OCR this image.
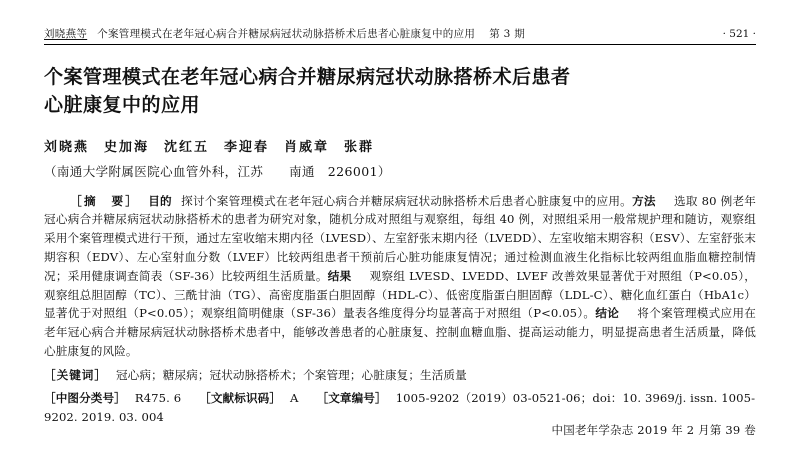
刘晓燕等 个案管理模式在老年冠心病合并糖尿病冠状动脉搭桥术后患者心脏康复中的应用 第 3 期	· 521 ·
个案管理模式在老年冠心病合并糖尿病冠状动脉搭桥术后患者
心脏康复中的应用
刘晓燕　史加海　沈红五　李迎春　肖威章　张群
（南通大学附属医院心血管外科，江苏　　南通　226001）
［摘　要］ 目的 探讨个案管理模式在老年冠心病合并糖尿病冠状动脉搭桥术后患者心脏康复中的应用。方法 选取 80 例老年冠心病合并糖尿病冠状动脉搭桥术的患者为研究对象，随机分成对照组与观察组，每组 40 例，对照组采用一般常规护理和随访，观察组采用个案管理模式进行干预，通过左室收缩末期内径（LVESD）、左室舒张末期内径（LVEDD）、左室收缩末期容积（ESV）、左室舒张末期容积（EDV）、左心室射血分数（LVEF）比较两组患者干预前后心脏功能康复情况；通过检测血液生化指标比较两组血脂血糖控制情况；采用健康调查简表（SF-36）比较两组生活质量。结果 观察组 LVESD、LVEDD、LVEF 改善效果显著优于对照组（P<0.05），观察组总胆固醇（TC）、三酰甘油（TG）、高密度脂蛋白胆固醇（HDL-C）、低密度脂蛋白胆固醇（LDL-C）、糖化血红蛋白（HbA1c）显著优于对照组（P<0.05）；观察组简明健康（SF-36）量表各维度得分均显著高于对照组（P<0.05）。结论 将个案管理模式应用在老年冠心病合并糖尿病冠状动脉搭桥术患者中，能够改善患者的心脏康复、控制血糖血脂、提高运动能力，明显提高患者生活质量，降低心脏康复的风险。
［关键词］ 冠心病；糖尿病；冠状动脉搭桥术；个案管理；心脏康复；生活质量
［中图分类号］ R475. 6 ［文献标识码］ A ［文章编号］ 1005-9202（2019）03-0521-06；doi：10. 3969/j. issn. 1005-9202. 2019. 03. 004
中国老年学杂志 2019 年 2 月第 39 卷
